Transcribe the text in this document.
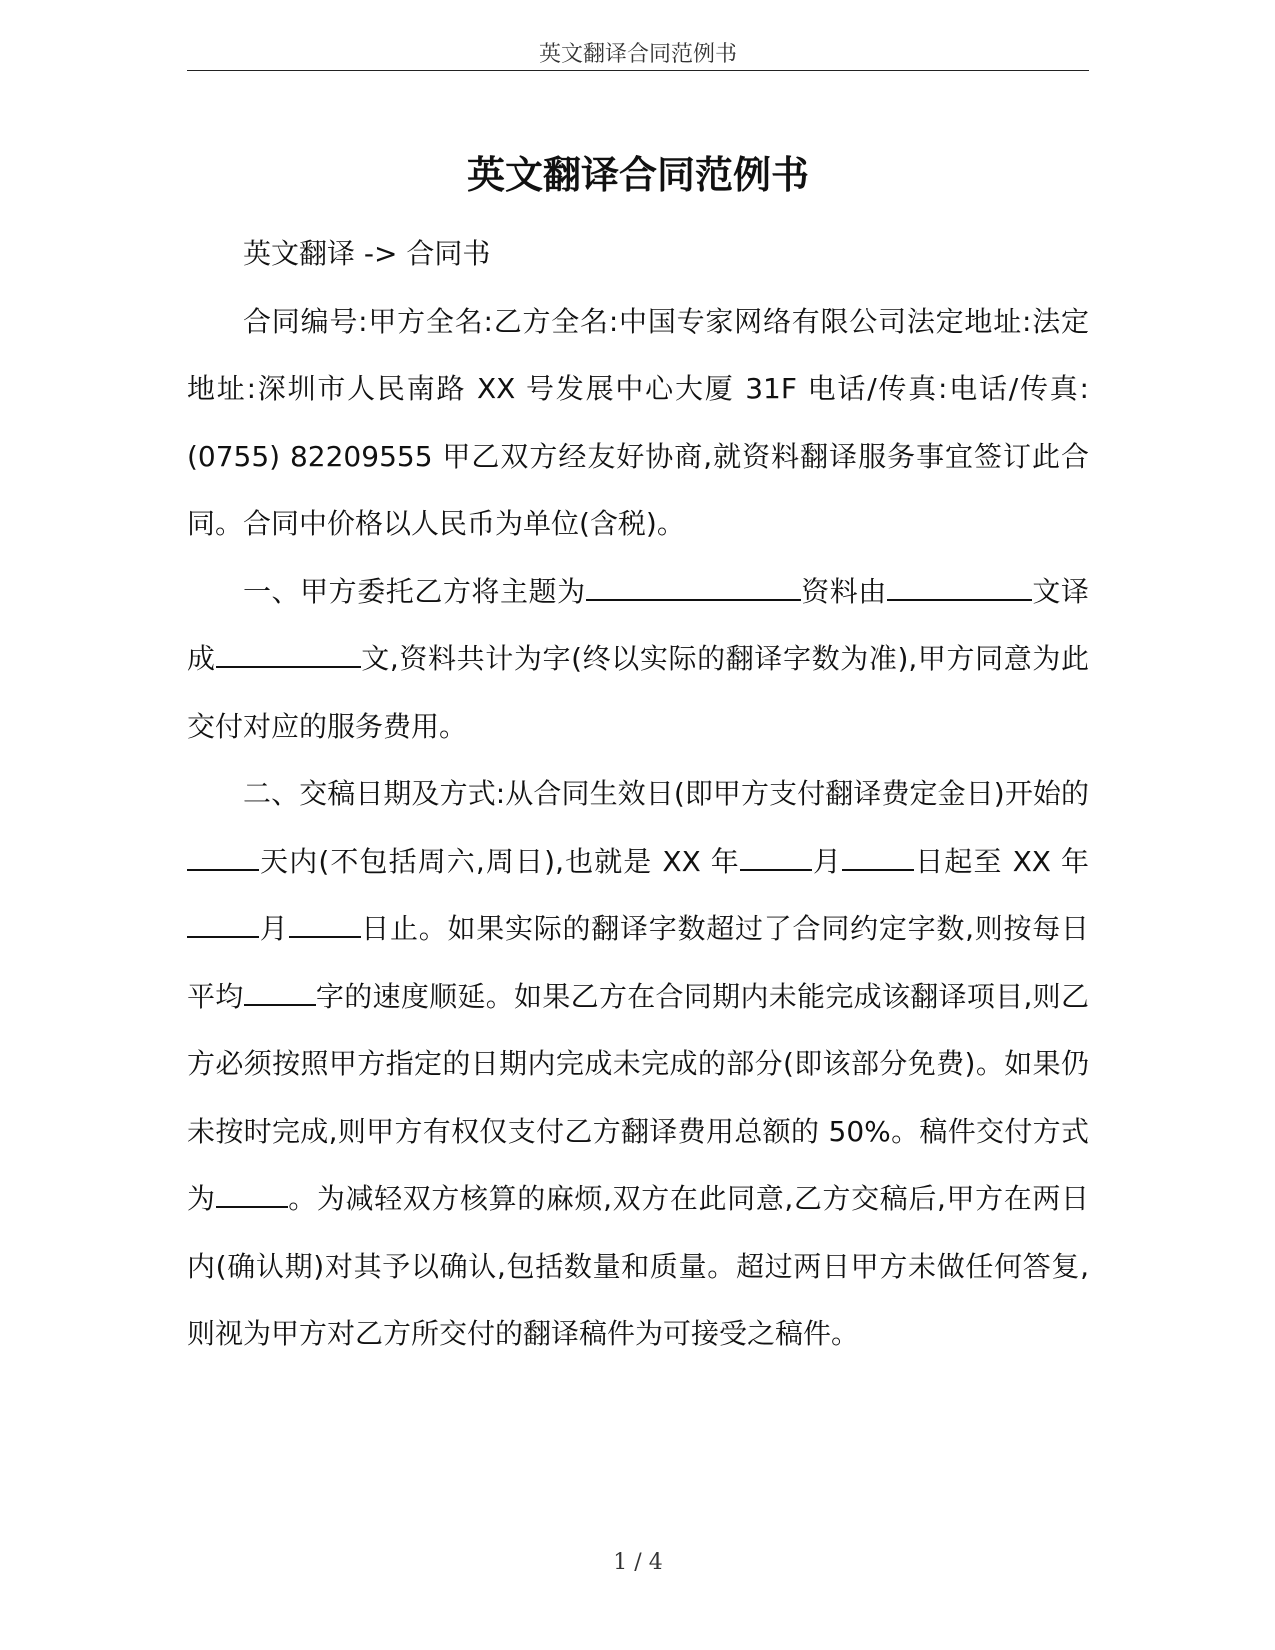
英文翻译合同范例书
英文翻译合同范例书

英文翻译 -> 合同书

合同编号:甲方全名:乙方全名:中国专家网络有限公司法定地址:法定地址:深圳市人民南路 XX 号发展中心大厦 31F 电话/传真:电话/传真:(0755) 82209555 甲乙双方经友好协商,就资料翻译服务事宜签订此合同。合同中价格以人民币为单位(含税)。

一、甲方委托乙方将主题为	资料由	文译成	文,资料共计为字(终以实际的翻译字数为准),甲方同意为此交付对应的服务费用。

二、交稿日期及方式:从合同生效日(即甲方支付翻译费定金日)开始的天内(不包括周六,周日),也就是 XX 年	月	日起至 XX 年月	日止。如果实际的翻译字数超过了合同约定字数,则按每日平均	字的速度顺延。如果乙方在合同期内未能完成该翻译项目,则乙方必须按照甲方指定的日期内完成未完成的部分(即该部分免费)。如果仍未按时完成,则甲方有权仅支付乙方翻译费用总额的 50%。稿件交付方式为	。为减轻双方核算的麻烦,双方在此同意,乙方交稿后,甲方在两日内(确认期)对其予以确认,包括数量和质量。超过两日甲方未做任何答复,则视为甲方对乙方所交付的翻译稿件为可接受之稿件。

1 / 4
